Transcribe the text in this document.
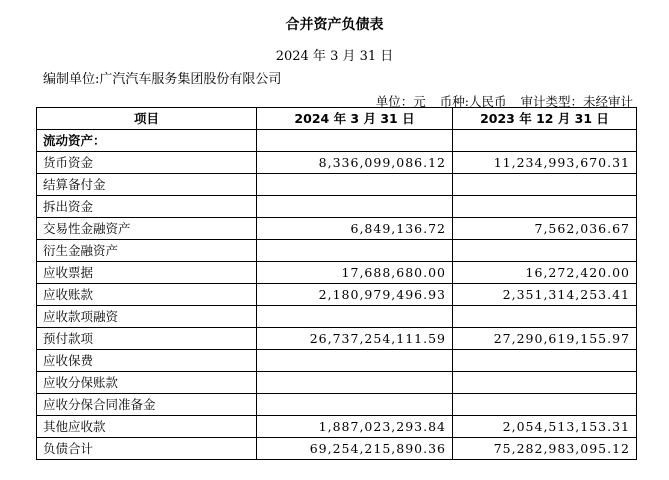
合并资产负债表
2024 年 3 月 31 日
编制单位:广汽汽车服务集团股份有限公司
单位：元 币种:人民币 审计类型：未经审计
项目	2024 年 3 月 31 日	2023 年 12 月 31 日
流动资产：		
货币资金	8,336,099,086.12	11,234,993,670.31
结算备付金		
拆出资金		
交易性金融资产	6,849,136.72	7,562,036.67
衍生金融资产		
应收票据	17,688,680.00	16,272,420.00
应收账款	2,180,979,496.93	2,351,314,253.41
应收款项融资		
预付款项	26,737,254,111.59	27,290,619,155.97
应收保费		
应收分保账款		
应收分保合同准备金		
其他应收款	1,887,023,293.84	2,054,513,153.31
负债合计	69,254,215,890.36	75,282,983,095.12
